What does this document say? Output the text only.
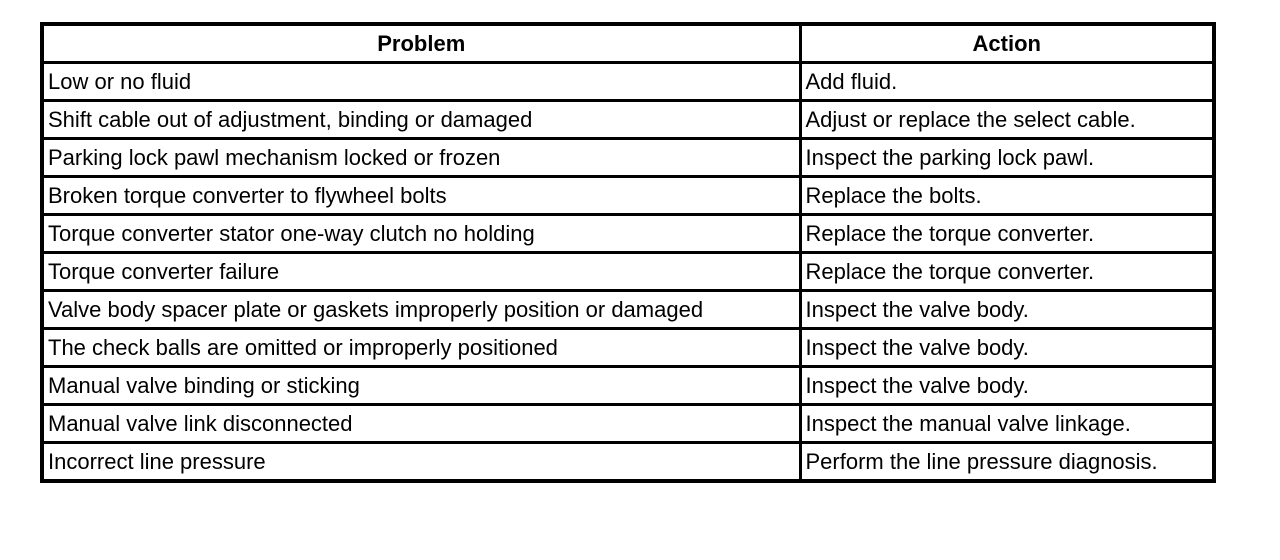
Problem	Action
Low or no fluid	Add fluid.
Shift cable out of adjustment, binding or damaged	Adjust or replace the select cable.
Parking lock pawl mechanism locked or frozen	Inspect the parking lock pawl.
Broken torque converter to flywheel bolts	Replace the bolts.
Torque converter stator one-way clutch no holding	Replace the torque converter.
Torque converter failure	Replace the torque converter.
Valve body spacer plate or gaskets improperly position or damaged	Inspect the valve body.
The check balls are omitted or improperly positioned	Inspect the valve body.
Manual valve binding or sticking	Inspect the valve body.
Manual valve link disconnected	Inspect the manual valve linkage.
Incorrect line pressure	Perform the line pressure diagnosis.
